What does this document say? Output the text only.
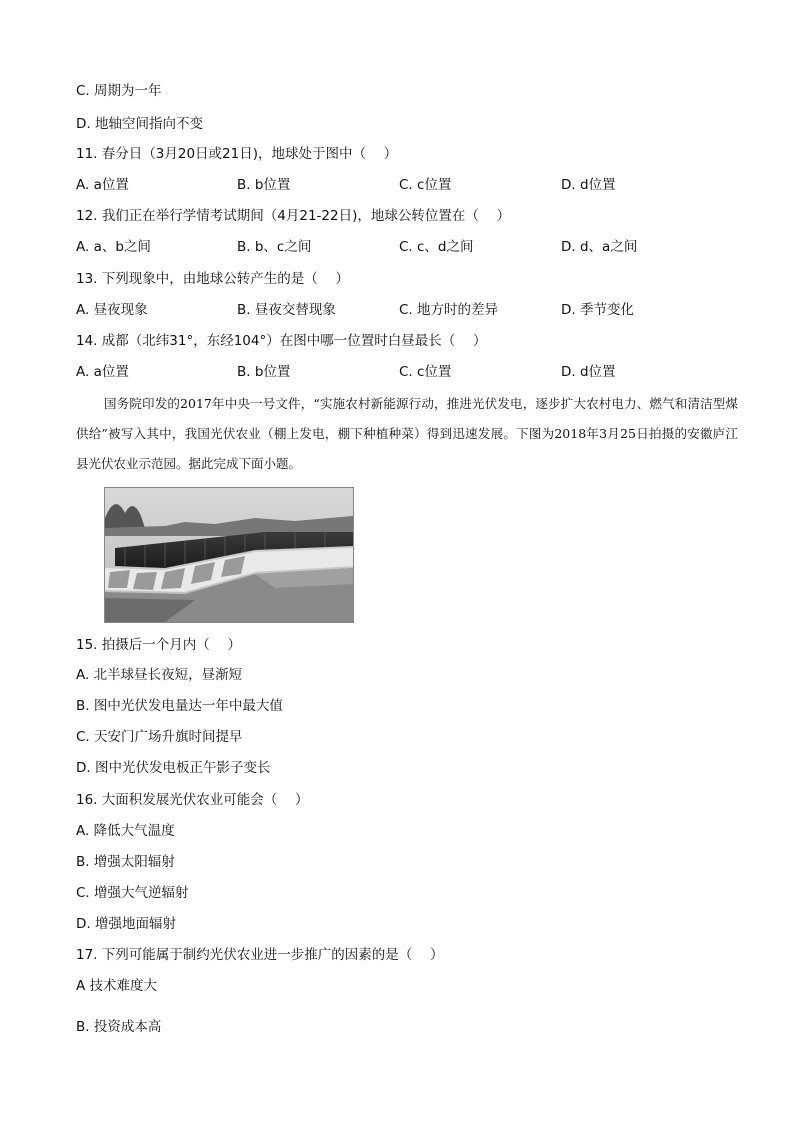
C. 周期为一年
D. 地轴空间指向不变
11. 春分日（3月20日或21日)，地球处于图中（　 ）
A. a位置	B. b位置	C. c位置	D. d位置
12. 我们正在举行学情考试期间（4月21-22日)，地球公转位置在（　 ）
A. a、b之间	B. b、c之间	C. c、d之间	D. d、a之间
13. 下列现象中，由地球公转产生的是（　 ）
A. 昼夜现象	B. 昼夜交替现象	C. 地方时的差异	D. 季节变化
14. 成都（北纬31°，东经104°）在图中哪一位置时白昼最长（　 ）
A. a位置	B. b位置	C. c位置	D. d位置
国务院印发的2017年中央一号文件，“实施农村新能源行动，推进光伏发电，逐步扩大农村电力、燃气和清洁型煤供给”被写入其中，我国光伏农业（棚上发电，棚下种植种菜）得到迅速发展。下图为2018年3月25日拍摄的安徽庐江县光伏农业示范园。据此完成下面小题。
15. 拍摄后一个月内（　 ）
A. 北半球昼长夜短，昼渐短
B. 图中光伏发电量达一年中最大值
C. 天安门广场升旗时间提早
D. 图中光伏发电板正午影子变长
16. 大面积发展光伏农业可能会（　 ）
A. 降低大气温度
B. 增强太阳辐射
C. 增强大气逆辐射
D. 增强地面辐射
17. 下列可能属于制约光伏农业进一步推广的因素的是（　 ）
A 技术难度大
B. 投资成本高
